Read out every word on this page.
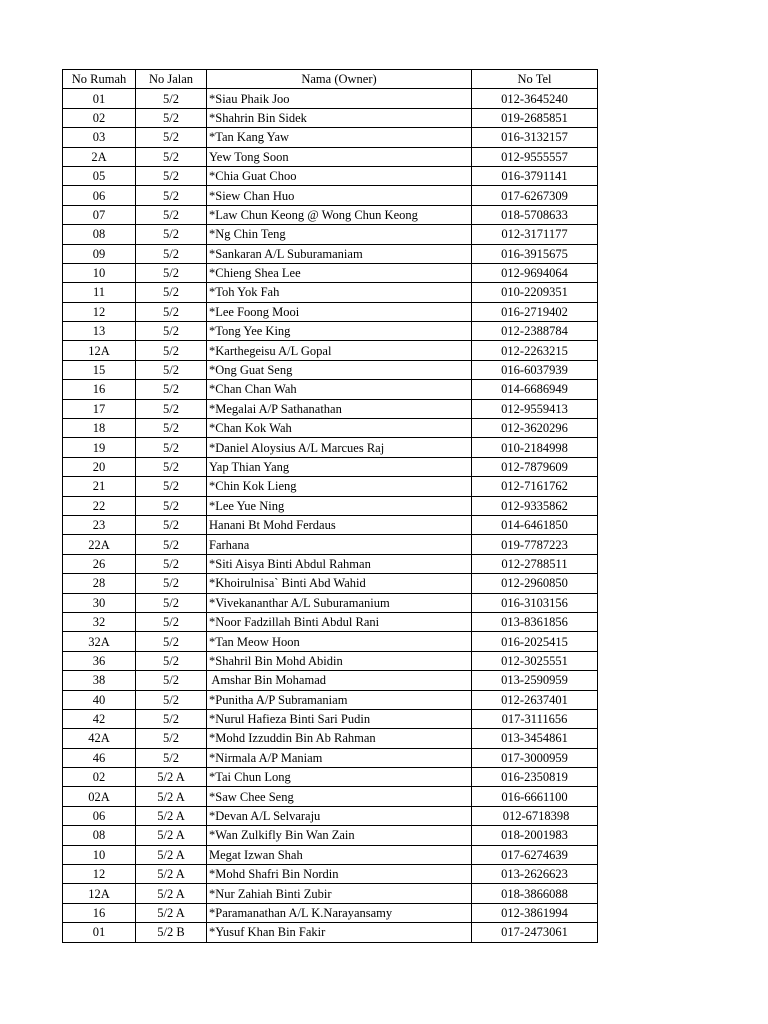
No Rumah	No Jalan	Nama (Owner)	No Tel
01	5/2	*Siau Phaik Joo	012-3645240
02	5/2	*Shahrin Bin Sidek	019-2685851
03	5/2	*Tan Kang Yaw	016-3132157
2A	5/2	Yew Tong Soon	012-9555557
05	5/2	*Chia Guat Choo	016-3791141
06	5/2	*Siew Chan Huo	017-6267309
07	5/2	*Law Chun Keong @ Wong Chun Keong	018-5708633
08	5/2	*Ng Chin Teng	012-3171177
09	5/2	*Sankaran A/L Suburamaniam	016-3915675
10	5/2	*Chieng Shea Lee	012-9694064
11	5/2	*Toh Yok Fah	010-2209351
12	5/2	*Lee Foong Mooi	016-2719402
13	5/2	*Tong Yee King	012-2388784
12A	5/2	*Karthegeisu A/L Gopal	012-2263215
15	5/2	*Ong Guat Seng	016-6037939
16	5/2	*Chan Chan Wah	014-6686949
17	5/2	*Megalai A/P Sathanathan	012-9559413
18	5/2	*Chan Kok Wah	012-3620296
19	5/2	*Daniel Aloysius A/L Marcues Raj	010-2184998
20	5/2	Yap Thian Yang	012-7879609
21	5/2	*Chin Kok Lieng	012-7161762
22	5/2	*Lee Yue Ning	012-9335862
23	5/2	Hanani Bt Mohd Ferdaus	014-6461850
22A	5/2	Farhana	019-7787223
26	5/2	*Siti Aisya Binti Abdul Rahman	012-2788511
28	5/2	*Khoirulnisa` Binti Abd Wahid	012-2960850
30	5/2	*Vivekananthar A/L Suburamanium	016-3103156
32	5/2	*Noor Fadzillah Binti Abdul Rani	013-8361856
32A	5/2	*Tan Meow Hoon	016-2025415
36	5/2	*Shahril Bin Mohd Abidin	012-3025551
38	5/2	Amshar Bin Mohamad	013-2590959
40	5/2	*Punitha A/P Subramaniam	012-2637401
42	5/2	*Nurul Hafieza Binti Sari Pudin	017-3111656
42A	5/2	*Mohd Izzuddin Bin Ab Rahman	013-3454861
46	5/2	*Nirmala A/P Maniam	017-3000959
02	5/2 A	*Tai Chun Long	016-2350819
02A	5/2 A	*Saw Chee Seng	016-6661100
06	5/2 A	*Devan A/L Selvaraju	012-6718398
08	5/2 A	*Wan Zulkifly Bin Wan Zain	018-2001983
10	5/2 A	Megat Izwan Shah	017-6274639
12	5/2 A	*Mohd Shafri Bin Nordin	013-2626623
12A	5/2 A	*Nur Zahiah Binti Zubir	018-3866088
16	5/2 A	*Paramanathan A/L K.Narayansamy	012-3861994
01	5/2 B	*Yusuf Khan Bin Fakir	017-2473061
